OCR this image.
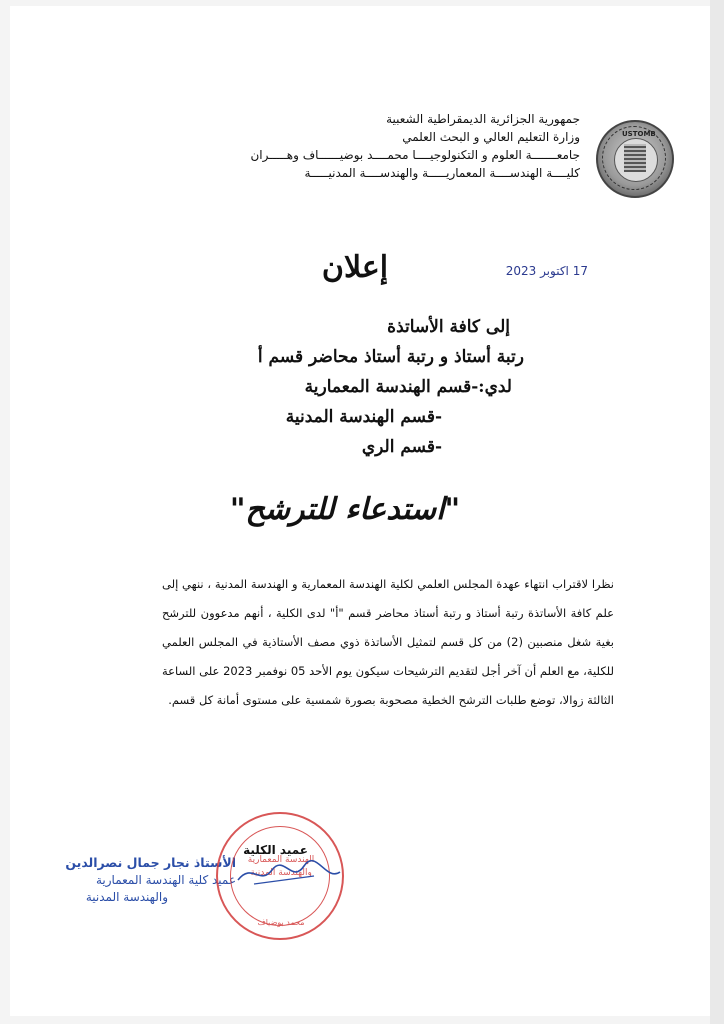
جمهورية الجزائرية الديمقراطية الشعبية
وزارة التعليم العالي و البحث العلمي
جامعـــــــة العلوم و التكنولوجيــــا محمــــد بوضيــــــاف وهـــــران
كليــــة الهندســــة المعماريـــــة والهندســــة المدنيـــــة
USTOMB
إعلان	17 اكتوبر 2023
إلى كافة الأساتذة
رتبة أستاذ و رتبة أستاذ محاضر قسم أ
لدي:-قسم الهندسة المعمارية
-قسم الهندسة المدنية
-قسم الري
"استدعاء للترشح"
نظرا لاقتراب انتهاء عهدة المجلس العلمي لكلية الهندسة المعمارية و الهندسة المدنية ، ننهي إلى علم كافة الأساتذة رتبة أستاذ و رتبة أستاذ محاضر قسم "أ" لدى الكلية ، أنهم مدعوون للترشح بغية شغل منصبين (2) من كل قسم لتمثيل الأساتذة ذوي مصف الأستاذية في المجلس العلمي للكلية، مع العلم أن آخر أجل لتقديم الترشيحات سيكون يوم الأحد 05 نوفمبر 2023 على الساعة الثالثة زوالا، توضع طلبات الترشح الخطية مصحوبة بصورة شمسية على مستوى أمانة كل قسم.
عميد الكلية
الأستاذ نجار جمال نصرالدين
عميد كلية الهندسة المعمارية
والهندسة المدنية
الهندسة المعمارية والهندسة المدنية
محمد بوضياف
